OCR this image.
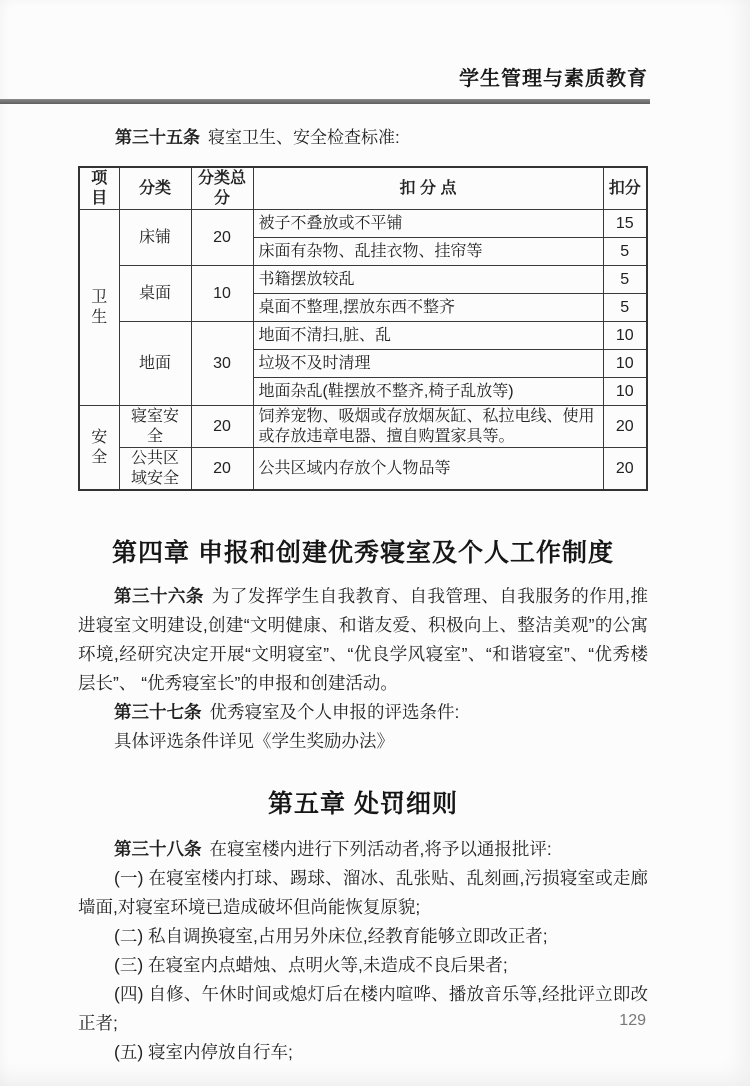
学生管理与素质教育

第三十五条 寝室卫生、安全检查标准:

项目	分类	分类总分	扣 分 点	扣分
卫生	床铺	20	被子不叠放或不平铺	15
			床面有杂物、乱挂衣物、挂帘等	5
	桌面	10	书籍摆放较乱	5
			桌面不整理,摆放东西不整齐	5
	地面	30	地面不清扫,脏、乱	10
			垃圾不及时清理	10
			地面杂乱(鞋摆放不整齐,椅子乱放等)	10
安全	寝室安全	20	饲养宠物、吸烟或存放烟灰缸、私拉电线、使用或存放违章电器、擅自购置家具等。	20
	公共区域安全	20	公共区域内存放个人物品等	20
第四章 申报和创建优秀寝室及个人工作制度

第三十六条 为了发挥学生自我教育、自我管理、自我服务的作用,推进寝室文明建设,创建“文明健康、和谐友爱、积极向上、整洁美观”的公寓环境,经研究决定开展“文明寝室”、“优良学风寝室”、“和谐寝室”、“优秀楼层长”、 “优秀寝室长”的申报和创建活动。

第三十七条 优秀寝室及个人申报的评选条件:

具体评选条件详见《学生奖励办法》

第五章 处罚细则

第三十八条 在寝室楼内进行下列活动者,将予以通报批评:

(一) 在寝室楼内打球、踢球、溜冰、乱张贴、乱刻画,污损寝室或走廊墙面,对寝室环境已造成破坏但尚能恢复原貌;

(二) 私自调换寝室,占用另外床位,经教育能够立即改正者;

(三) 在寝室内点蜡烛、点明火等,未造成不良后果者;

(四) 自修、午休时间或熄灯后在楼内喧哗、播放音乐等,经批评立即改正者;

(五) 寝室内停放自行车;

129
